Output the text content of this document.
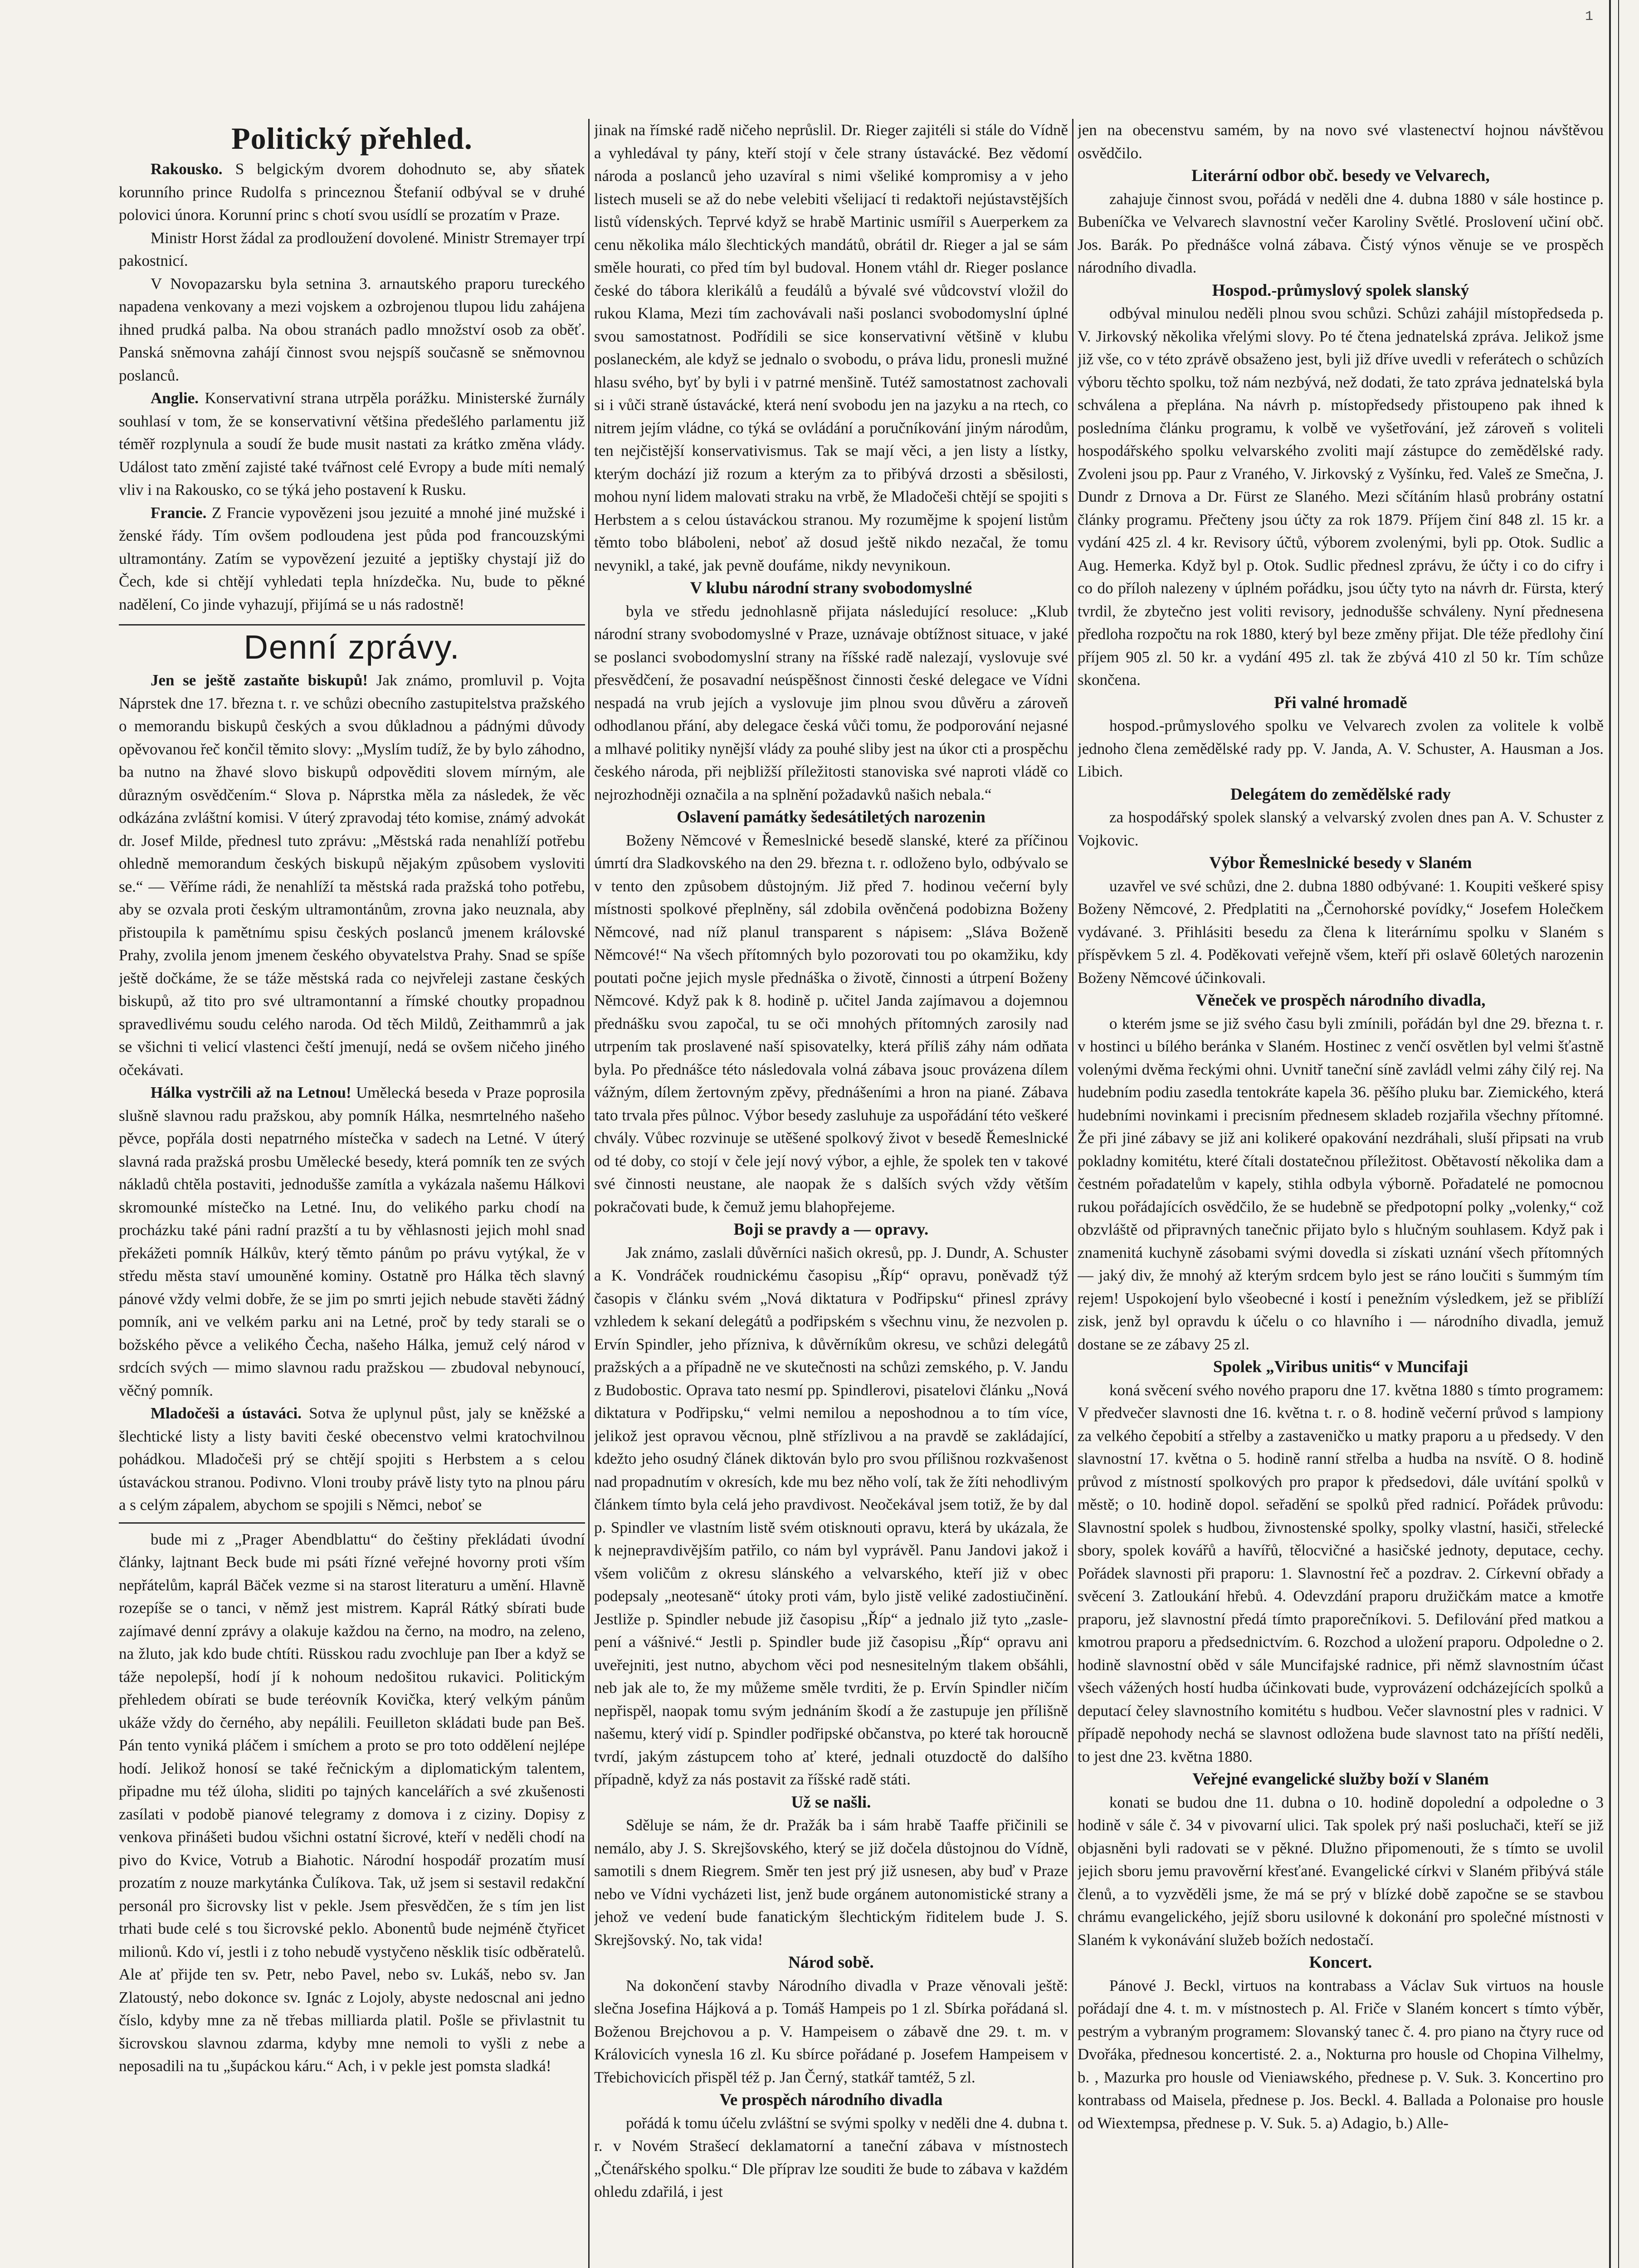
1

Politický přehled.

Rakousko. S belgickým dvorem dohodnuto se, aby sňatek korunního prince Rudolfa s princeznou Štefanií odbýval se v druhé polovici února. Korunní princ s chotí svou usídlí se prozatím v Praze.

Ministr Horst žádal za prodloužení dovolené. Ministr Stremayer trpí pakostnicí.

V Novopazarsku byla setnina 3. arnautského praporu tureckého napadena venkovany a mezi vojskem a ozbrojenou tlupou lidu zahájena ihned prudká palba. Na obou stranách padlo množství osob za oběť. Panská sněmovna zahájí činnost svou nejspíš současně se sněmovnou poslanců.

Anglie. Konservativní strana utrpěla porážku. Ministerské žurnály souhlasí v tom, že se konservativní většina předešlého parlamentu již téměř rozplynula a soudí že bude musit nastati za krátko změna vlády. Událost tato změní zajisté také tvářnost celé Evropy a bude míti nemalý vliv i na Rakousko, co se týká jeho postavení k Rusku.

Francie. Z Francie vypovězeni jsou jezuité a mnohé jiné mužské i ženské řády. Tím ovšem podloudena jest půda pod francouzskými ultramontány. Zatím se vypovězení jezuité a jeptišky chystají již do Čech, kde si chtějí vyhledati tepla hnízdečka. Nu, bude to pěkné nadělení, Co jinde vyhazují, přijímá se u nás radostně!

Denní zprávy.

Jen se ještě zastaňte biskupů! Jak známo, promluvil p. Vojta Náprstek dne 17. března t. r. ve schůzi obecního zastupitelstva pražského o memorandu biskupů českých a svou důkladnou a pádnými důvody opěvovanou řeč končil těmito slovy: „Myslím tudíž, že by bylo záhodno, ba nutno na žhavé slovo biskupů odpověditi slovem mírným, ale důrazným osvědčením.“ Slova p. Náprstka měla za následek, že věc odkázána zvláštní komisi. V úterý zpravodaj této komise, známý advokát dr. Josef Milde, přednesl tuto zprávu: „Městská rada nenahlíží potřebu ohledně memorandum českých biskupů nějakým způsobem vysloviti se.“ — Věříme rádi, že nenahlíží ta městská rada pražská toho potřebu, aby se ozvala proti českým ultramontánům, zrovna jako neuznala, aby přistoupila k pamětnímu spisu českých poslanců jmenem královské Prahy, zvolila jenom jmenem českého obyvatelstva Prahy. Snad se spíše ještě dočkáme, že se táže městská rada co nejvřeleji zastane českých biskupů, až tito pro své ultramontanní a římské choutky propadnou spravedlivému soudu celého naroda. Od těch Mildů, Zeithammrů a jak se všichni ti velicí vlastenci čeští jmenují, nedá se ovšem ničeho jiného očekávati.

Hálka vystrčili až na Letnou! Umělecká beseda v Praze poprosila slušně slavnou radu pražskou, aby pomník Hálka, nesmrtelného našeho pěvce, popřála dosti nepatrného místečka v sadech na Letné. V úterý slavná rada pražská prosbu Umělecké besedy, která pomník ten ze svých nákladů chtěla postaviti, jednodušše zamítla a vykázala našemu Hálkovi skromounké místečko na Letné. Inu, do velikého parku chodí na procházku také páni radní prazští a tu by věhlasnosti jejich mohl snad překážeti pomník Hálkův, který těmto pánům po právu vytýkal, že v středu města staví umouněné kominy. Ostatně pro Hálka těch slavný pánové vždy velmi dobře, že se jim po smrti jejich nebude stavěti žádný pomník, ani ve velkém parku ani na Letné, proč by tedy starali se o božského pěvce a velikého Čecha, našeho Hálka, jemuž celý národ v srdcích svých — mimo slavnou radu pražskou — zbudoval nebynoucí, věčný pomník.

Mladočeši a ústaváci. Sotva že uplynul půst, jaly se kněžské a šlechtické listy a listy baviti české obecenstvo velmi kratochvilnou pohádkou. Mladočeši prý se chtějí spojiti s Herbstem a s celou ústaváckou stranou. Podivno. Vloni trouby právě listy tyto na plnou páru a s celým zápalem, abychom se spojili s Němci, neboť se

bude mi z „Prager Abendblattu“ do češtiny překládati úvodní články, lajtnant Beck bude mi psáti řízné veřejné hovorny proti vším nepřátelům, kaprál Bäček vezme si na starost literaturu a umění. Hlavně rozepíše se o tanci, v němž jest mistrem. Kaprál Rátký sbírati bude zajímavé denní zprávy a olakuje každou na černo, na modro, na zeleno, na žluto, jak kdo bude chtíti. Rüsskou radu zvochluje pan Iber a když se táže nepolepší, hodí jí k nohoum nedošitou rukavici. Politickým přehledem obírati se bude teréovník Kovička, který velkým pánům ukáže vždy do černého, aby nepálili. Feuilleton skládati bude pan Beš. Pán tento vyniká pláčem i smíchem a proto se pro toto oddělení nejlépe hodí. Jelikož honosí se také řečnickým a diplomatickým talentem, připadne mu též úloha, sliditi po tajných kancelářích a své zkušenosti zasílati v podobě pianové telegramy z domova i z ciziny. Dopisy z venkova přinášeti budou všichni ostatní šicrové, kteří v neděli chodí na pivo do Kvice, Votrub a Biahotic. Národní hospodář prozatím musí prozatím z nouze markytánka Čulíkova. Tak, už jsem si sestavil redakční personál pro šicrovsky list v pekle. Jsem přesvědčen, že s tím jen list trhati bude celé s tou šicrovské peklo. Abonentů bude nejméně čtyřicet milionů. Kdo ví, jestli i z toho nebudě vystyčeno něsklik tisíc odběratelů. Ale ať přijde ten sv. Petr, nebo Pavel, nebo sv. Lukáš, nebo sv. Jan Zlatoustý, nebo dokonce sv. Ignác z Lojoly, abyste nedoscnal ani jedno číslo, kdyby mne za ně třebas milliarda platil. Pošle se přivlastnit tu šicrovskou slavnou zdarma, kdyby mne nemoli to vyšli z nebe a neposadili na tu „šupáckou káru.“ Ach, i v pekle jest pomsta sladká!

jinak na římské radě ničeho neprůslil. Dr. Rieger zajitéli si stále do Vídně a vyhledával ty pány, kteří stojí v čele strany ústavácké. Bez vědomí národa a poslanců jeho uzavíral s nimi všeliké kompromisy a v jeho listech museli se až do nebe velebiti všelijací ti redaktoři nejústavstějších listů vídenských. Teprvé když se hrabě Martinic usmířil s Auerperkem za cenu několika málo šlechtických mandátů, obrátil dr. Rieger a jal se sám směle hourati, co před tím byl budoval. Honem vtáhl dr. Rieger poslance české do tábora klerikálů a feudálů a bývalé své vůdcovství vložil do rukou Klama, Mezi tím zachovávali naši poslanci svobodomyslní úplné svou samostatnost. Podřídili se sice konservativní většině v klubu poslaneckém, ale když se jednalo o svobodu, o práva lidu, pronesli mužné hlasu svého, byť by byli i v patrné menšině. Tutéž samostatnost zachovali si i vůči straně ústavácké, která není svobodu jen na jazyku a na rtech, co nitrem jejím vládne, co týká se ovládání a poručníkování jiným národům, ten nejčistější konservativismus. Tak se mají věci, a jen listy a lístky, kterým dochází již rozum a kterým za to přibývá drzosti a sběsilosti, mohou nyní lidem malovati straku na vrbě, že Mladočeši chtějí se spojiti s Herbstem a s celou ústaváckou stranou. My rozumějme k spojení listům těmto tobo bláboleni, neboť až dosud ještě nikdo nezačal, že tomu nevynikl, a také, jak pevně doufáme, nikdy nevynikoun.

V klubu národní strany svobodomyslné

byla ve středu jednohlasně přijata následující resoluce: „Klub národní strany svobodomyslné v Praze, uznávaje obtížnost situace, v jaké se poslanci svobodomyslní strany na říšské radě nalezají, vyslovuje své přesvědčení, že posavadní neúspěšnost činnosti české delegace ve Vídni nespadá na vrub jejích a vyslovuje jim plnou svou důvěru a zároveň odhodlanou přání, aby delegace česká vůči tomu, že podporování nejasné a mlhavé politiky nynější vlády za pouhé sliby jest na úkor cti a prospěchu českého národa, při nejbližší příležitosti stanoviska své naproti vládě co nejrozhodněji označila a na splnění požadavků našich nebala.“

Oslavení památky šedesátiletých narozenin

Boženy Němcové v Řemeslnické besedě slanské, které za příčinou úmrtí dra Sladkovského na den 29. března t. r. odloženo bylo, odbývalo se v tento den způsobem důstojným. Již před 7. hodinou večerní byly místnosti spolkové přeplněny, sál zdobila ověnčená podobizna Boženy Němcové, nad níž planul transparent s nápisem: „Sláva Boženě Němcové!“ Na všech přítomných bylo pozorovati tou po okamžiku, kdy poutati počne jejich mysle přednáška o životě, činnosti a útrpení Boženy Němcové. Když pak k 8. hodině p. učitel Janda zajímavou a dojemnou přednášku svou započal, tu se oči mnohých přítomných zarosily nad utrpením tak proslavené naší spisovatelky, která příliš záhy nám odňata byla. Po přednášce této následovala volná zábava jsouc provázena dílem vážným, dílem žertovným zpěvy, přednášeními a hron na piané. Zábava tato trvala přes půlnoc. Výbor besedy zasluhuje za uspořádání této veškeré chvály. Vůbec rozvinuje se utěšené spolkový život v besedě Řemeslnické od té doby, co stojí v čele její nový výbor, a ejhle, že spolek ten v takové své činnosti neustane, ale naopak že s dalších svých vždy větším pokračovati bude, k čemuž jemu blahopřejeme.

Boji se pravdy a — opravy.

Jak známo, zaslali důvěrníci našich okresů, pp. J. Dundr, A. Schuster a K. Vondráček roudnickému časopisu „Říp“ opravu, poněvadž týž časopis v článku svém „Nová diktatura v Podřipsku“ přinesl zprávy vzhledem k sekaní delegátů a podřipském s všechnu vinu, že nezvolen p. Ervín Spindler, jeho přízniva, k důvěrníkům okresu, ve schůzi delegátů pražských a a případně ne ve skutečnosti na schůzi zemského, p. V. Jandu z Budobostic. Oprava tato nesmí pp. Spindlerovi, pisatelovi článku „Nová diktatura v Podřipsku,“ velmi nemilou a neposhodnou a to tím více, jelikož jest opravou věcnou, plně střízlivou a na pravdě se zakládající, kdežto jeho osudný článek diktován bylo pro svou přílišnou rozkvašenost nad propadnutím v okresích, kde mu bez něho volí, tak že žíti nehodlivým článkem tímto byla celá jeho pravdivost. Neočekával jsem totiž, že by dal p. Spindler ve vlastním listě svém otisknouti opravu, která by ukázala, že k nejnepravdivějším patřilo, co nám byl vyprávěl. Panu Jandovi jakož i všem voličům z okresu slánského a velvarského, kteří již v obec podepsaly „neotesaně“ útoky proti vám, bylo jistě veliké zadostiučinění. Jestliže p. Spindler nebude již časopisu „Říp“ a jednalo již tyto „zasle- pení a vášnivé.“ Jestli p. Spindler bude již časopisu „Říp“ opravu ani uveřejniti, jest nutno, abychom věci pod nesnesitelným tlakem obšáhli, neb jak ale to, že my můžeme směle tvrditi, že p. Ervín Spindler ničím nepřispěl, naopak tomu svým jednáním škodí a že zastupuje jen přílišně našemu, který vidí p. Spindler podřipské občanstva, po které tak horoucně tvrdí, jakým zástupcem toho ať které, jednali otuzdoctě do dalšího případně, když za nás postavit za říšské radě státi.

Už se našli.

Sděluje se nám, že dr. Pražák ba i sám hrabě Taaffe přičinili se nemálo, aby J. S. Skrejšovského, který se již dočela důstojnou do Vídně, samotili s dnem Riegrem. Směr ten jest prý již usnesen, aby buď v Praze nebo ve Vídni vycházeti list, jenž bude orgánem autonomistické strany a jehož ve vedení bude fanatickým šlechtickým řiditelem bude J. S. Skrejšovský. No, tak vida!

Národ sobě.

Na dokončení stavby Národního divadla v Praze věnovali ještě: slečna Josefina Hájková a p. Tomáš Hampeis po 1 zl. Sbírka pořádaná sl. Boženou Brejchovou a p. V. Hampeisem o zábavě dne 29. t. m. v Královicích vynesla 16 zl. Ku sbírce pořádané p. Josefem Hampeisem v Třebichovicích přispěl též p. Jan Černý, statkář tamtéž, 5 zl.

Ve prospěch národního divadla

pořádá k tomu účelu zvláštní se svými spolky v neděli dne 4. dubna t. r. v Novém Strašecí deklamatorní a taneční zábava v místnostech „Čtenářského spolku.“ Dle příprav lze souditi že bude to zábava v každém ohledu zdařilá, i jest

jen na obecenstvu samém, by na novo své vlastenectví hojnou návštěvou osvědčilo.

Literární odbor obč. besedy ve Velvarech,

zahajuje činnost svou, pořádá v neděli dne 4. dubna 1880 v sále hostince p. Bubeníčka ve Velvarech slavnostní večer Karoliny Světlé. Proslovení učiní obč. Jos. Barák. Po přednášce volná zábava. Čistý výnos věnuje se ve prospěch národního divadla.

Hospod.-průmyslový spolek slanský

odbýval minulou neděli plnou svou schůzi. Schůzi zahájil místopředseda p. V. Jirkovský několika vřelými slovy. Po té čtena jednatelská zpráva. Jelikož jsme již vše, co v této zprávě obsaženo jest, byli již dříve uvedli v referátech o schůzích výboru těchto spolku, tož nám nezbývá, než dodati, že tato zpráva jednatelská byla schválena a přeplána. Na návrh p. místopředsedy přistoupeno pak ihned k posledníma článku programu, k volbě ve vyšetřování, jež zároveň s voliteli hospodářského spolku velvarského zvoliti mají zástupce do zemědělské rady. Zvoleni jsou pp. Paur z Vraného, V. Jirkovský z Vyšínku, řed. Valeš ze Smečna, J. Dundr z Drnova a Dr. Fürst ze Slaného. Mezi sčítáním hlasů probrány ostatní články programu. Přečteny jsou účty za rok 1879. Příjem činí 848 zl. 15 kr. a vydání 425 zl. 4 kr. Revisory účtů, výborem zvolenými, byli pp. Otok. Sudlic a Aug. Hemerka. Když byl p. Otok. Sudlic přednesl zprávu, že účty i co do cifry i co do příloh nalezeny v úplném pořádku, jsou účty tyto na návrh dr. Fürsta, který tvrdil, že zbytečno jest voliti revisory, jednodušše schváleny. Nyní přednesena předloha rozpočtu na rok 1880, který byl beze změny přijat. Dle téže předlohy činí příjem 905 zl. 50 kr. a vydání 495 zl. tak že zbývá 410 zl 50 kr. Tím schůze skončena.

Při valné hromadě

hospod.-průmyslového spolku ve Velvarech zvolen za volitele k volbě jednoho člena zemědělské rady pp. V. Janda, A. V. Schuster, A. Hausman a Jos. Libich.

Delegátem do zemědělské rady

za hospodářský spolek slanský a velvarský zvolen dnes pan A. V. Schuster z Vojkovic.

Výbor Řemeslnické besedy v Slaném

uzavřel ve své schůzi, dne 2. dubna 1880 odbývané: 1. Koupiti veškeré spisy Boženy Němcové, 2. Předplatiti na „Černohorské povídky,“ Josefem Holečkem vydávané. 3. Přihlásiti besedu za člena k literárnímu spolku v Slaném s příspěvkem 5 zl. 4. Poděkovati veřejně všem, kteří při oslavě 60letých narozenin Boženy Němcové účinkovali.

Věneček ve prospěch národního divadla,

o kterém jsme se již svého času byli zmínili, pořádán byl dne 29. března t. r. v hostinci u bílého beránka v Slaném. Hostinec z venčí osvětlen byl velmi šťastně volenými dvěma řeckými ohni. Uvnitř taneční síně zavládl velmi záhy čilý rej. Na hudebním podiu zasedla tentokráte kapela 36. pěšího pluku bar. Ziemického, která hudebními novinkami i precisním přednesem skladeb rozjařila všechny přítomné. Že při jiné zábavy se již ani kolikeré opakování nezdráhali, sluší připsati na vrub pokladny komitétu, které čítali dostatečnou příležitost. Obětavostí několika dam a čestném pořadatelům v kapely, stihla odbyla výborně. Pořadatelé ne pomocnou rukou pořádajících osvědčilo, že se hudebně se předpotopní polky „volenky,“ což obzvláště od připravných tanečnic přijato bylo s hlučným souhlasem. Když pak i znamenitá kuchyně zásobami svými dovedla si získati uznání všech přítomných — jaký div, že mnohý až kterým srdcem bylo jest se ráno loučiti s šummým tím rejem! Uspokojení bylo všeobecné i kostí i penežním výsledkem, jež se přiblíží zisk, jenž byl opravdu k účelu o co hlavního i — národního divadla, jemuž dostane se ze zábavy 25 zl.

Spolek „Viribus unitis“ v Muncifaji

koná svěcení svého nového praporu dne 17. května 1880 s tímto programem: V předvečer slavnosti dne 16. května t. r. o 8. hodině večerní průvod s lampiony za velkého čepobití a střelby a zastaveničko u matky praporu a u předsedy. V den slavnostní 17. května o 5. hodině ranní střelba a hudba na nsvítě. O 8. hodině průvod z místností spolkových pro prapor k předsedovi, dále uvítání spolků v městě; o 10. hodině dopol. seřadění se spolků před radnicí. Pořádek průvodu: Slavnostní spolek s hudbou, živnostenské spolky, spolky vlastní, hasiči, střelecké sbory, spolek kovářů a havířů, tělocvičné a hasičské jednoty, deputace, cechy. Pořádek slavnosti při praporu: 1. Slavnostní řeč a pozdrav. 2. Církevní obřady a svěcení 3. Zatloukání hřebů. 4. Odevzdání praporu družičkám matce a kmotře praporu, jež slavnostní předá tímto praporečníkovi. 5. Defilování před matkou a kmotrou praporu a předsednictvím. 6. Rozchod a uložení praporu. Odpoledne o 2. hodině slavnostní oběd v sále Muncifajské radnice, při němž slavnostním účast všech vážených hostí hudba účinkovati bude, vyprovázení odcházejících spolků a deputací čeley slavnostního komitétu s hudbou. Večer slavnostní ples v radnici. V případě nepohody nechá se slavnost odložena bude slavnost tato na příští neděli, to jest dne 23. května 1880.

Veřejné evangelické služby boží v Slaném

konati se budou dne 11. dubna o 10. hodině dopolední a odpoledne o 3 hodině v sále č. 34 v pivovarní ulici. Tak spolek prý naši posluchači, kteří se již objasněni byli radovati se v pěkné. Dlužno připomenouti, že s tímto se uvolil jejich sboru jemu pravověrní křesťané. Evangelické církvi v Slaném přibývá stále členů, a to vyzvěděli jsme, že má se prý v blízké době započne se se stavbou chrámu evangelického, jejíž sboru usilovné k dokonání pro společné místnosti v Slaném k vykonávání služeb božích nedostačí.

Koncert.

Pánové J. Beckl, virtuos na kontrabass a Václav Suk virtuos na housle pořádají dne 4. t. m. v místnostech p. Al. Friče v Slaném koncert s tímto výběr, pestrým a vybraným programem: Slovanský tanec č. 4. pro piano na čtyry ruce od Dvořáka, přednesou koncertisté. 2. a., Nokturna pro housle od Chopina Vilhelmy, b. , Mazurka pro housle od Vieniawského, přednese p. V. Suk. 3. Koncertino pro kontrabass od Maisela, přednese p. Jos. Beckl. 4. Ballada a Polonaise pro housle od Wiextempsa, přednese p. V. Suk. 5. a) Adagio, b.) Alle-
